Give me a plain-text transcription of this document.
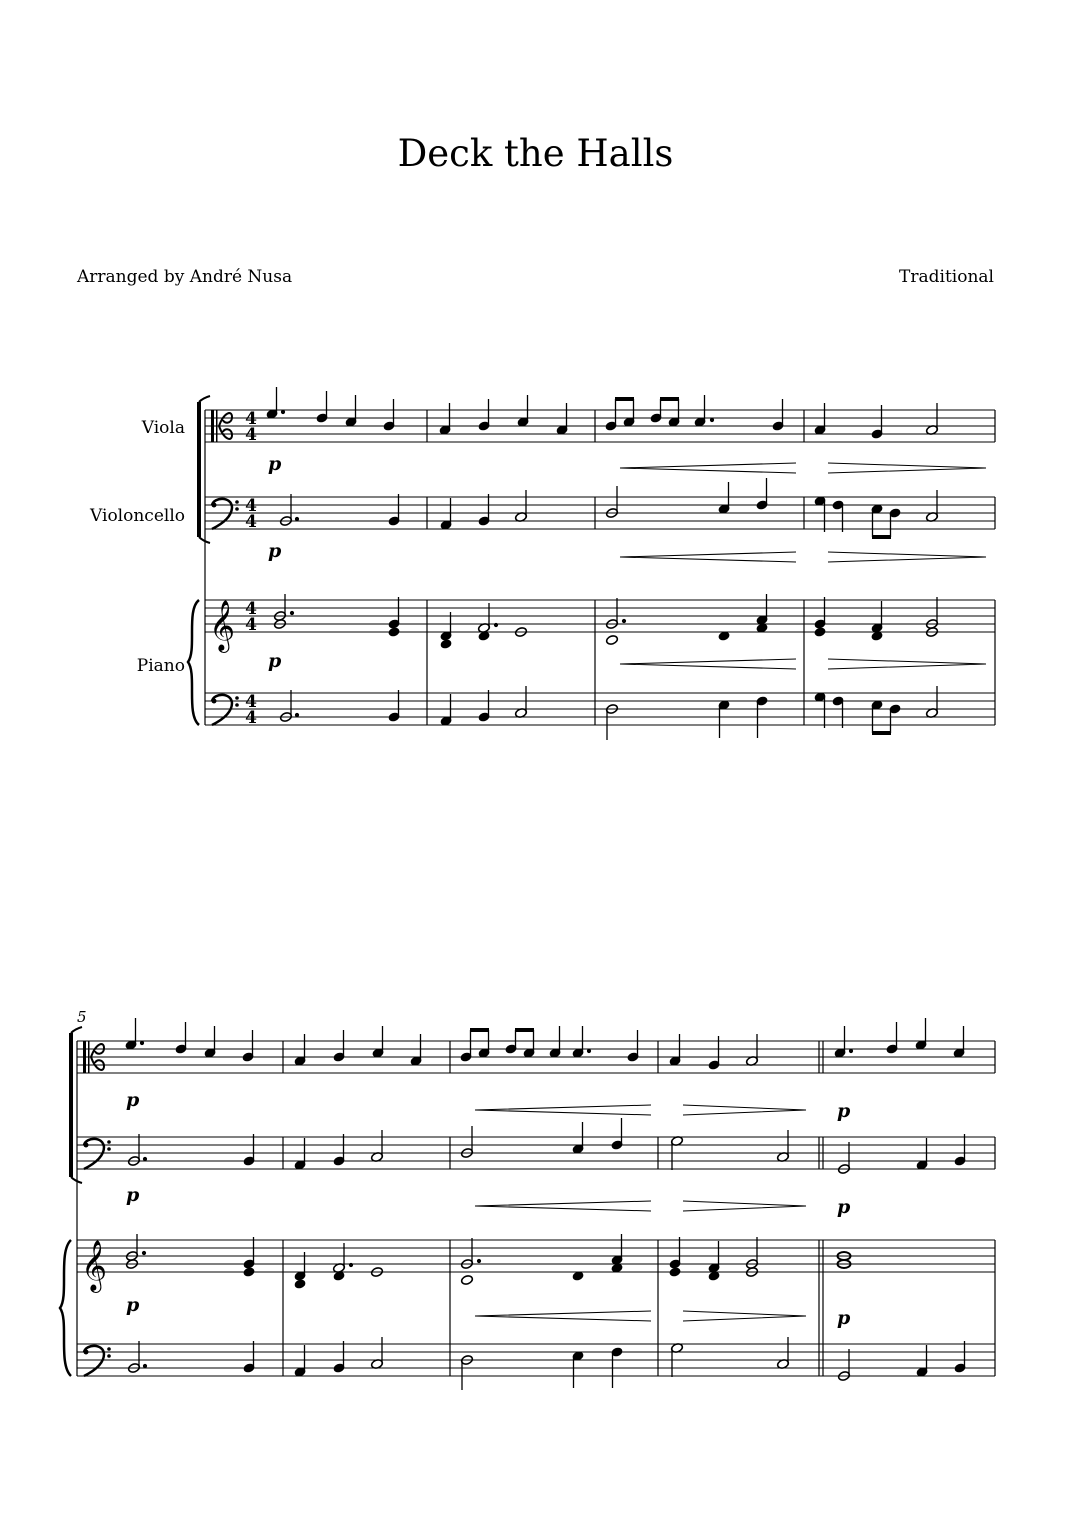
Deck the Halls
Arranged by André Nusa	Traditional
Viola
Violoncello
Piano
𝄞
4
4
4
4
4
4
4
4
p
p
p
5
𝄞
p
p
p
p
p
p
